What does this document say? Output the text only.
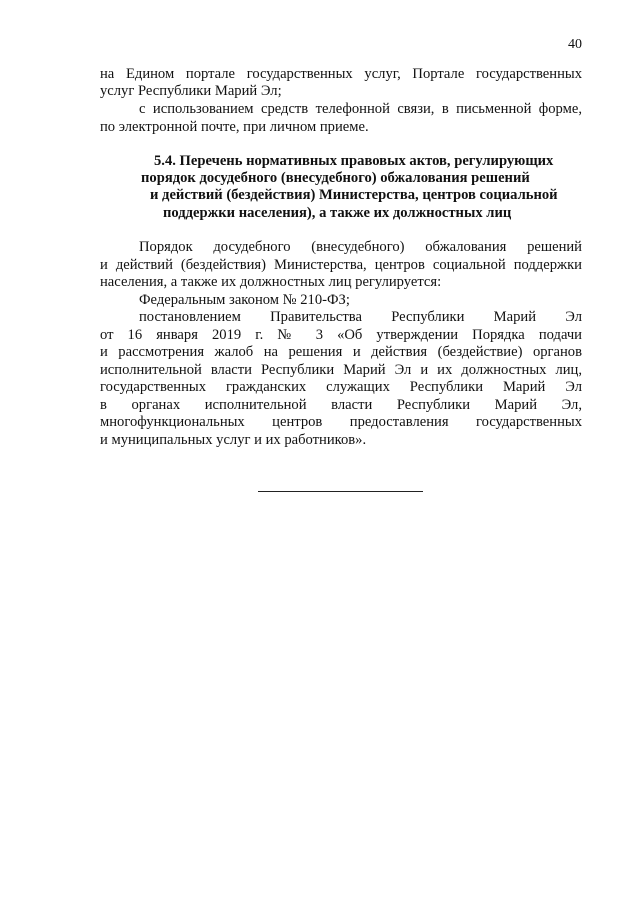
40
на Едином портале государственных услуг, Портале государственных
услуг Республики Марий Эл;
с использованием средств телефонной связи, в письменной форме,
по электронной почте, при личном приеме.
5.4. Перечень нормативных правовых актов, регулирующих
порядок досудебного (внесудебного) обжалования решений
и действий (бездействия) Министерства, центров социальной
поддержки населения), а также их должностных лиц
Порядок досудебного (внесудебного) обжалования решений
и действий (бездействия) Министерства, центров социальной поддержки
населения, а также их должностных лиц регулируется:
Федеральным законом № 210-ФЗ;
постановлением Правительства Республики Марий Эл
от 16 января 2019 г. № 3 «Об утверждении Порядка подачи
и рассмотрения жалоб на решения и действия (бездействие) органов
исполнительной власти Республики Марий Эл и их должностных лиц,
государственных гражданских служащих Республики Марий Эл
в органах исполнительной власти Республики Марий Эл,
многофункциональных центров предоставления государственных
и муниципальных услуг и их работников».
